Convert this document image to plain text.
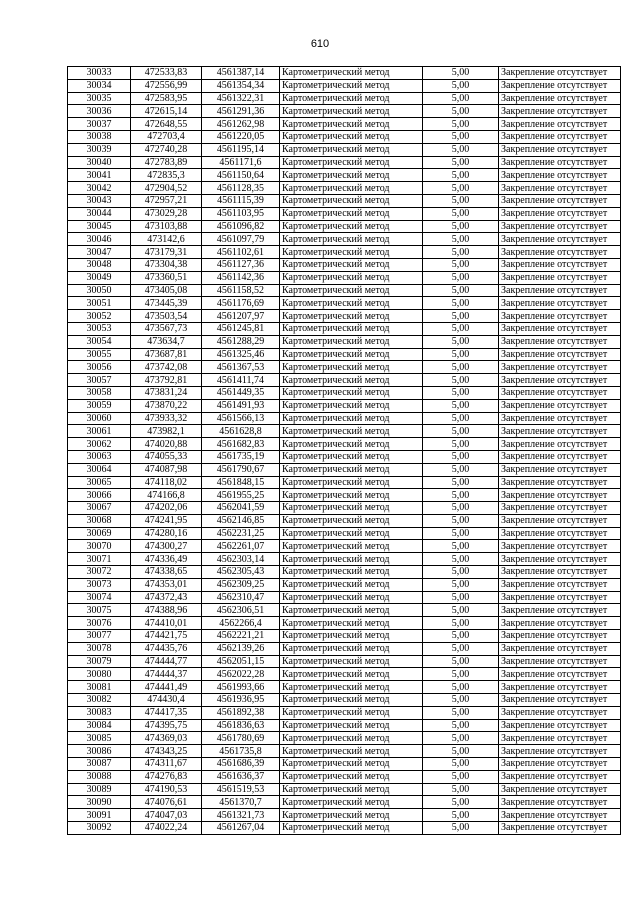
610
30033	472533,83	4561387,14	Картометрический метод	5,00	Закрепление отсутствует
30034	472556,99	4561354,34	Картометрический метод	5,00	Закрепление отсутствует
30035	472583,95	4561322,31	Картометрический метод	5,00	Закрепление отсутствует
30036	472615,14	4561291,36	Картометрический метод	5,00	Закрепление отсутствует
30037	472648,55	4561262,98	Картометрический метод	5,00	Закрепление отсутствует
30038	472703,4	4561220,05	Картометрический метод	5,00	Закрепление отсутствует
30039	472740,28	4561195,14	Картометрический метод	5,00	Закрепление отсутствует
30040	472783,89	4561171,6	Картометрический метод	5,00	Закрепление отсутствует
30041	472835,3	4561150,64	Картометрический метод	5,00	Закрепление отсутствует
30042	472904,52	4561128,35	Картометрический метод	5,00	Закрепление отсутствует
30043	472957,21	4561115,39	Картометрический метод	5,00	Закрепление отсутствует
30044	473029,28	4561103,95	Картометрический метод	5,00	Закрепление отсутствует
30045	473103,88	4561096,82	Картометрический метод	5,00	Закрепление отсутствует
30046	473142,6	4561097,79	Картометрический метод	5,00	Закрепление отсутствует
30047	473179,31	4561102,61	Картометрический метод	5,00	Закрепление отсутствует
30048	473304,38	4561127,36	Картометрический метод	5,00	Закрепление отсутствует
30049	473360,51	4561142,36	Картометрический метод	5,00	Закрепление отсутствует
30050	473405,08	4561158,52	Картометрический метод	5,00	Закрепление отсутствует
30051	473445,39	4561176,69	Картометрический метод	5,00	Закрепление отсутствует
30052	473503,54	4561207,97	Картометрический метод	5,00	Закрепление отсутствует
30053	473567,73	4561245,81	Картометрический метод	5,00	Закрепление отсутствует
30054	473634,7	4561288,29	Картометрический метод	5,00	Закрепление отсутствует
30055	473687,81	4561325,46	Картометрический метод	5,00	Закрепление отсутствует
30056	473742,08	4561367,53	Картометрический метод	5,00	Закрепление отсутствует
30057	473792,81	4561411,74	Картометрический метод	5,00	Закрепление отсутствует
30058	473831,24	4561449,35	Картометрический метод	5,00	Закрепление отсутствует
30059	473870,22	4561491,93	Картометрический метод	5,00	Закрепление отсутствует
30060	473933,32	4561566,13	Картометрический метод	5,00	Закрепление отсутствует
30061	473982,1	4561628,8	Картометрический метод	5,00	Закрепление отсутствует
30062	474020,88	4561682,83	Картометрический метод	5,00	Закрепление отсутствует
30063	474055,33	4561735,19	Картометрический метод	5,00	Закрепление отсутствует
30064	474087,98	4561790,67	Картометрический метод	5,00	Закрепление отсутствует
30065	474118,02	4561848,15	Картометрический метод	5,00	Закрепление отсутствует
30066	474166,8	4561955,25	Картометрический метод	5,00	Закрепление отсутствует
30067	474202,06	4562041,59	Картометрический метод	5,00	Закрепление отсутствует
30068	474241,95	4562146,85	Картометрический метод	5,00	Закрепление отсутствует
30069	474280,16	4562231,25	Картометрический метод	5,00	Закрепление отсутствует
30070	474300,27	4562261,07	Картометрический метод	5,00	Закрепление отсутствует
30071	474336,49	4562303,14	Картометрический метод	5,00	Закрепление отсутствует
30072	474338,65	4562305,43	Картометрический метод	5,00	Закрепление отсутствует
30073	474353,01	4562309,25	Картометрический метод	5,00	Закрепление отсутствует
30074	474372,43	4562310,47	Картометрический метод	5,00	Закрепление отсутствует
30075	474388,96	4562306,51	Картометрический метод	5,00	Закрепление отсутствует
30076	474410,01	4562266,4	Картометрический метод	5,00	Закрепление отсутствует
30077	474421,75	4562221,21	Картометрический метод	5,00	Закрепление отсутствует
30078	474435,76	4562139,26	Картометрический метод	5,00	Закрепление отсутствует
30079	474444,77	4562051,15	Картометрический метод	5,00	Закрепление отсутствует
30080	474444,37	4562022,28	Картометрический метод	5,00	Закрепление отсутствует
30081	474441,49	4561993,66	Картометрический метод	5,00	Закрепление отсутствует
30082	474430,4	4561936,95	Картометрический метод	5,00	Закрепление отсутствует
30083	474417,35	4561892,38	Картометрический метод	5,00	Закрепление отсутствует
30084	474395,75	4561836,63	Картометрический метод	5,00	Закрепление отсутствует
30085	474369,03	4561780,69	Картометрический метод	5,00	Закрепление отсутствует
30086	474343,25	4561735,8	Картометрический метод	5,00	Закрепление отсутствует
30087	474311,67	4561686,39	Картометрический метод	5,00	Закрепление отсутствует
30088	474276,83	4561636,37	Картометрический метод	5,00	Закрепление отсутствует
30089	474190,53	4561519,53	Картометрический метод	5,00	Закрепление отсутствует
30090	474076,61	4561370,7	Картометрический метод	5,00	Закрепление отсутствует
30091	474047,03	4561321,73	Картометрический метод	5,00	Закрепление отсутствует
30092	474022,24	4561267,04	Картометрический метод	5,00	Закрепление отсутствует
